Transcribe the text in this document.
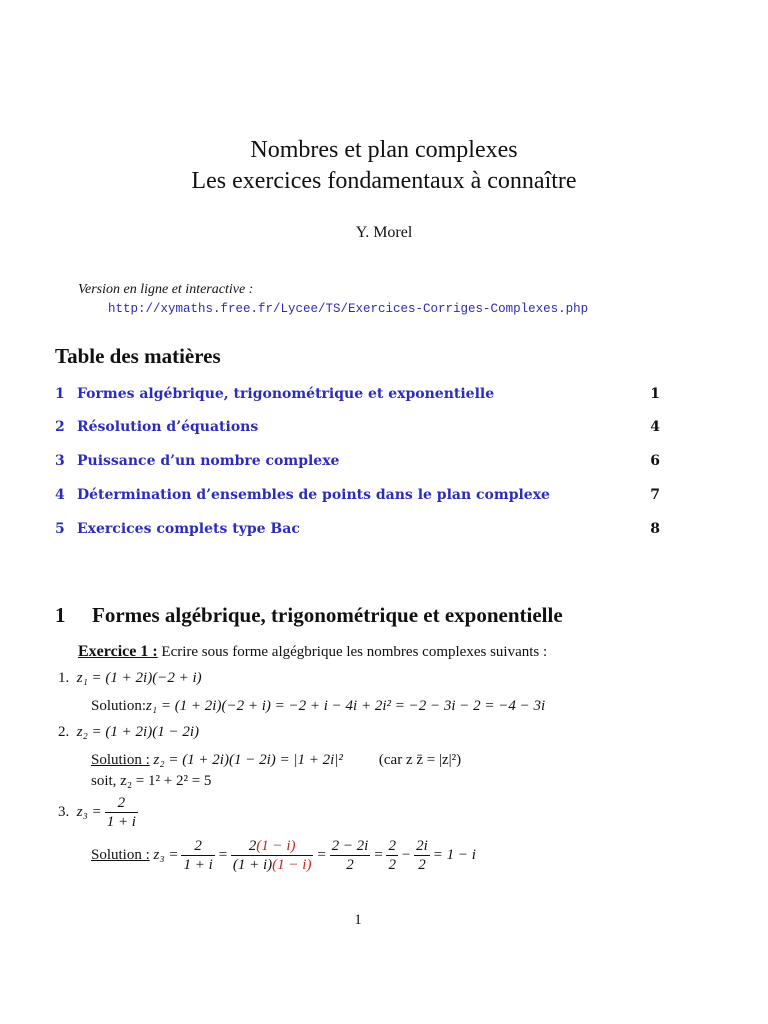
Nombres et plan complexes
Les exercices fondamentaux à connaître
Y. Morel
Version en ligne et interactive :
http://xymaths.free.fr/Lycee/TS/Exercices-Corriges-Complexes.php
Table des matières
1 Formes algébrique, trigonométrique et exponentielle	1
2 Résolution d’équations	4
3 Puissance d’un nombre complexe	6
4 Détermination d’ensembles de points dans le plan complexe	7
5 Exercices complets type Bac	8
1 Formes algébrique, trigonométrique et exponentielle
Exercice 1 : Ecrire sous forme algégbrique les nombres complexes suivants :
1. z₁ = (1 + 2i)(−2 + i)
Solution:z₁ = (1 + 2i)(−2 + i) = −2 + i − 4i + 2i² = −2 − 3i − 2 = −4 − 3i
2. z₂ = (1 + 2i)(1 − 2i)
Solution : z₂ = (1 + 2i)(1 − 2i) = |1 + 2i|² (car z z̄ = |z|²)
soit, z₂ = 1² + 2² = 5
3. $z_3 = \frac{2}{1 + i}$
Solution : $z_3 = \frac{2}{1 + i} = \frac{2(1 - i)}{(1 + i)(1 - i)} = \frac{2 - 2i}{2} = \frac{2}{2} - \frac{2i}{2} = 1 - i$
1
